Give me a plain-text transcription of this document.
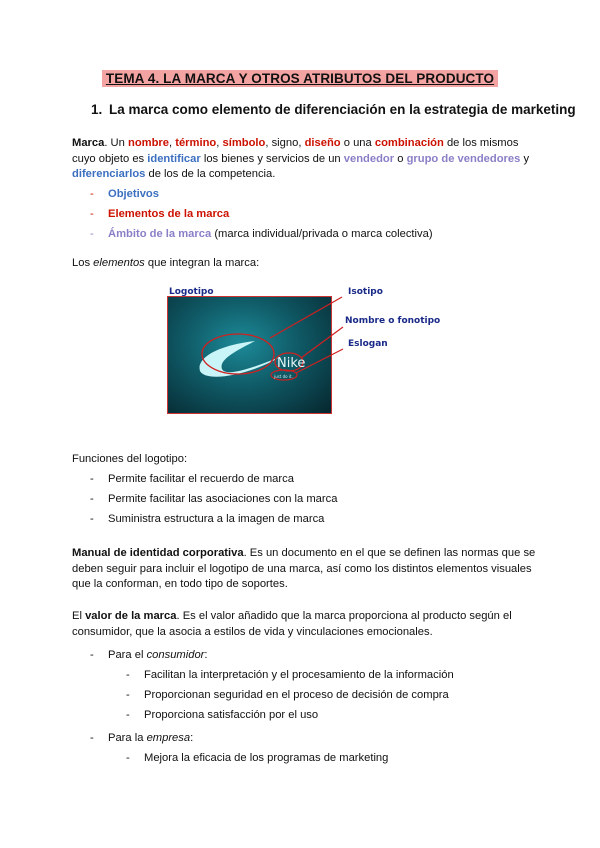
TEMA 4. LA MARCA Y OTROS ATRIBUTOS DEL PRODUCTO
1. La marca como elemento de diferenciación en la estrategia de marketing
Marca. Un nombre, término, símbolo, signo, diseño o una combinación de los mismos cuyo objeto es identificar los bienes y servicios de un vendedor o grupo de vendedores y diferenciarlos de los de la competencia.
- Objetivos
- Elementos de la marca
- Ámbito de la marca (marca individual/privada o marca colectiva)
Los elementos que integran la marca:
Nike
just do it.
Logotipo	Isotipo
Nombre o fonotipo
Eslogan
Funciones del logotipo:
- Permite facilitar el recuerdo de marca
- Permite facilitar las asociaciones con la marca
- Suministra estructura a la imagen de marca
Manual de identidad corporativa. Es un documento en el que se definen las normas que se deben seguir para incluir el logotipo de una marca, así como los distintos elementos visuales que la conforman, en todo tipo de soportes.
El valor de la marca. Es el valor añadido que la marca proporciona al producto según el consumidor, que la asocia a estilos de vida y vinculaciones emocionales.
- Para el consumidor:
- Facilitan la interpretación y el procesamiento de la información
- Proporcionan seguridad en el proceso de decisión de compra
- Proporciona satisfacción por el uso
- Para la empresa:
- Mejora la eficacia de los programas de marketing
